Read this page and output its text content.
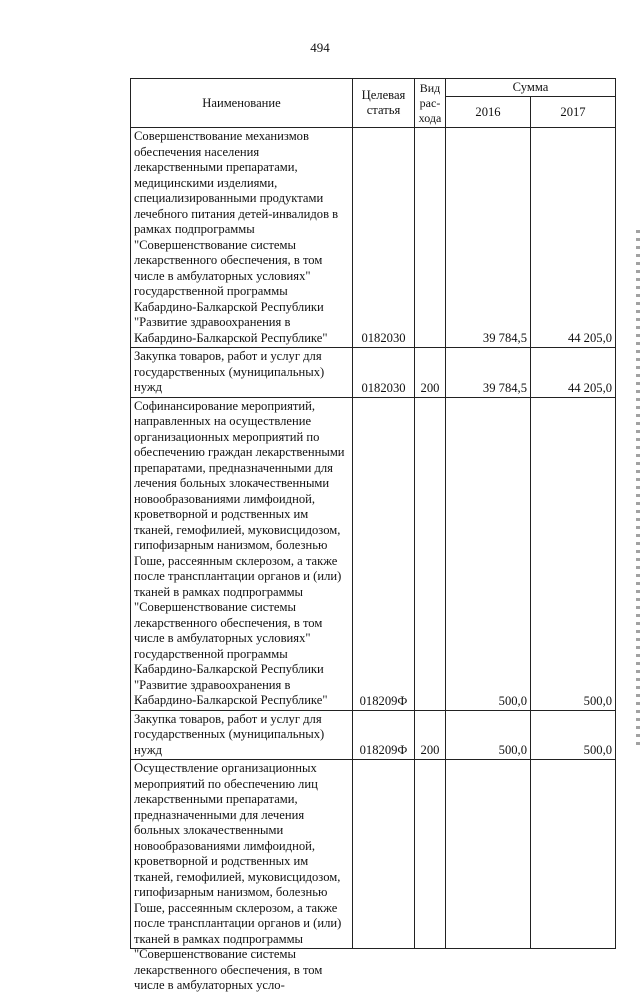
494
Наименование	Целевая статья	Вид рас-хода	Сумма	
			2016	2017
Совершенствование механизмов обеспечения населения лекарственными препаратами, медицинскими изделиями, специализированными продуктами лечебного питания детей-инвалидов в рамках подпрограммы "Совершенствование системы лекарственного обеспечения, в том числе в амбулаторных условиях" государственной программы Кабардино-Балкарской Республики "Развитие здравоохранения в Кабардино-Балкарской Республике"	0182030		39 784,5	44 205,0
Закупка товаров, работ и услуг для государственных (муниципальных) нужд	0182030	200	39 784,5	44 205,0
Софинансирование мероприятий, направленных на осуществление организационных мероприятий по обеспечению граждан лекарственными препаратами, предназначенными для лечения больных злокачественными новообразованиями лимфоидной, кроветворной и родственных им тканей, гемофилией, муковисцидозом, гипофизарным нанизмом, болезнью Гоше, рассеянным склерозом, а также после трансплантации органов и (или) тканей в рамках подпрограммы "Совершенствование системы лекарственного обеспечения, в том числе в амбулаторных условиях" государственной программы Кабардино-Балкарской Республики "Развитие здравоохранения в Кабардино-Балкарской Республике"	018209Ф		500,0	500,0
Закупка товаров, работ и услуг для государственных (муниципальных) нужд	018209Ф	200	500,0	500,0

Осуществление организационных мероприятий по обеспечению лиц лекарственными препаратами, предназначенными для лечения больных злокачественными новообразованиями лимфоидной, кроветворной и родственных им тканей, гемофилией, муковисцидозом, гипофизарным нанизмом, болезнью Гоше, рассеянным склерозом, а также после трансплантации органов и (или) тканей в рамках подпрограммы "Совершенствование системы лекарственного обеспечения, в том числе в амбулаторных усло-				
